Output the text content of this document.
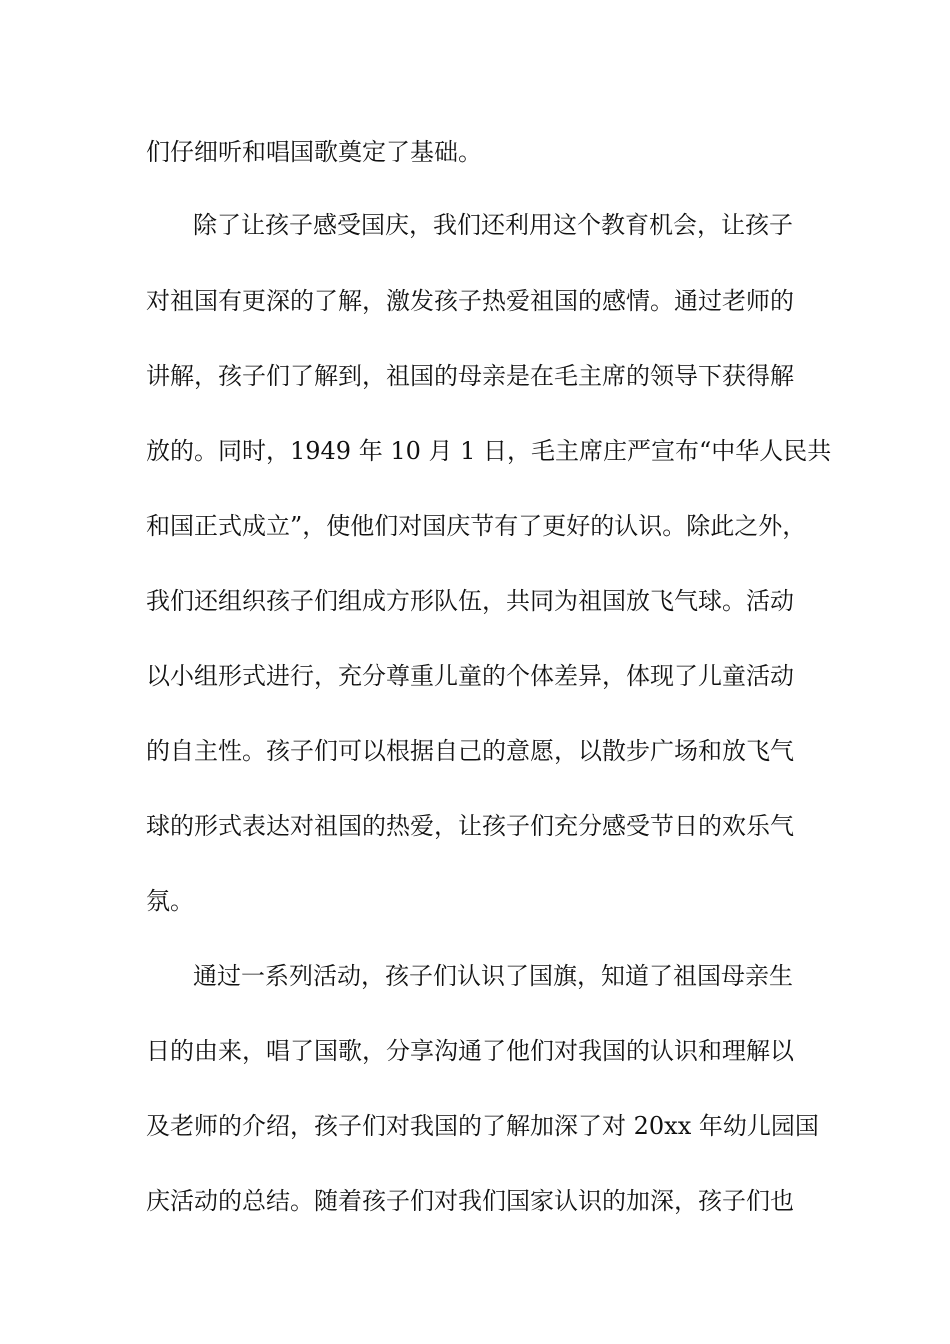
们仔细听和唱国歌奠定了基础。
除了让孩子感受国庆，我们还利用这个教育机会，让孩子
对祖国有更深的了解，激发孩子热爱祖国的感情。通过老师的
讲解，孩子们了解到，祖国的母亲是在毛主席的领导下获得解
放的。同时，1949 年 10 月 1 日，毛主席庄严宣布“中华人民共
和国正式成立”，使他们对国庆节有了更好的认识。除此之外，
我们还组织孩子们组成方形队伍，共同为祖国放飞气球。活动
以小组形式进行，充分尊重儿童的个体差异，体现了儿童活动
的自主性。孩子们可以根据自己的意愿，以散步广场和放飞气
球的形式表达对祖国的热爱，让孩子们充分感受节日的欢乐气
氛。
通过一系列活动，孩子们认识了国旗，知道了祖国母亲生
日的由来，唱了国歌，分享沟通了他们对我国的认识和理解以
及老师的介绍，孩子们对我国的了解加深了对 20xx 年幼儿园国
庆活动的总结。随着孩子们对我们国家认识的加深，孩子们也
